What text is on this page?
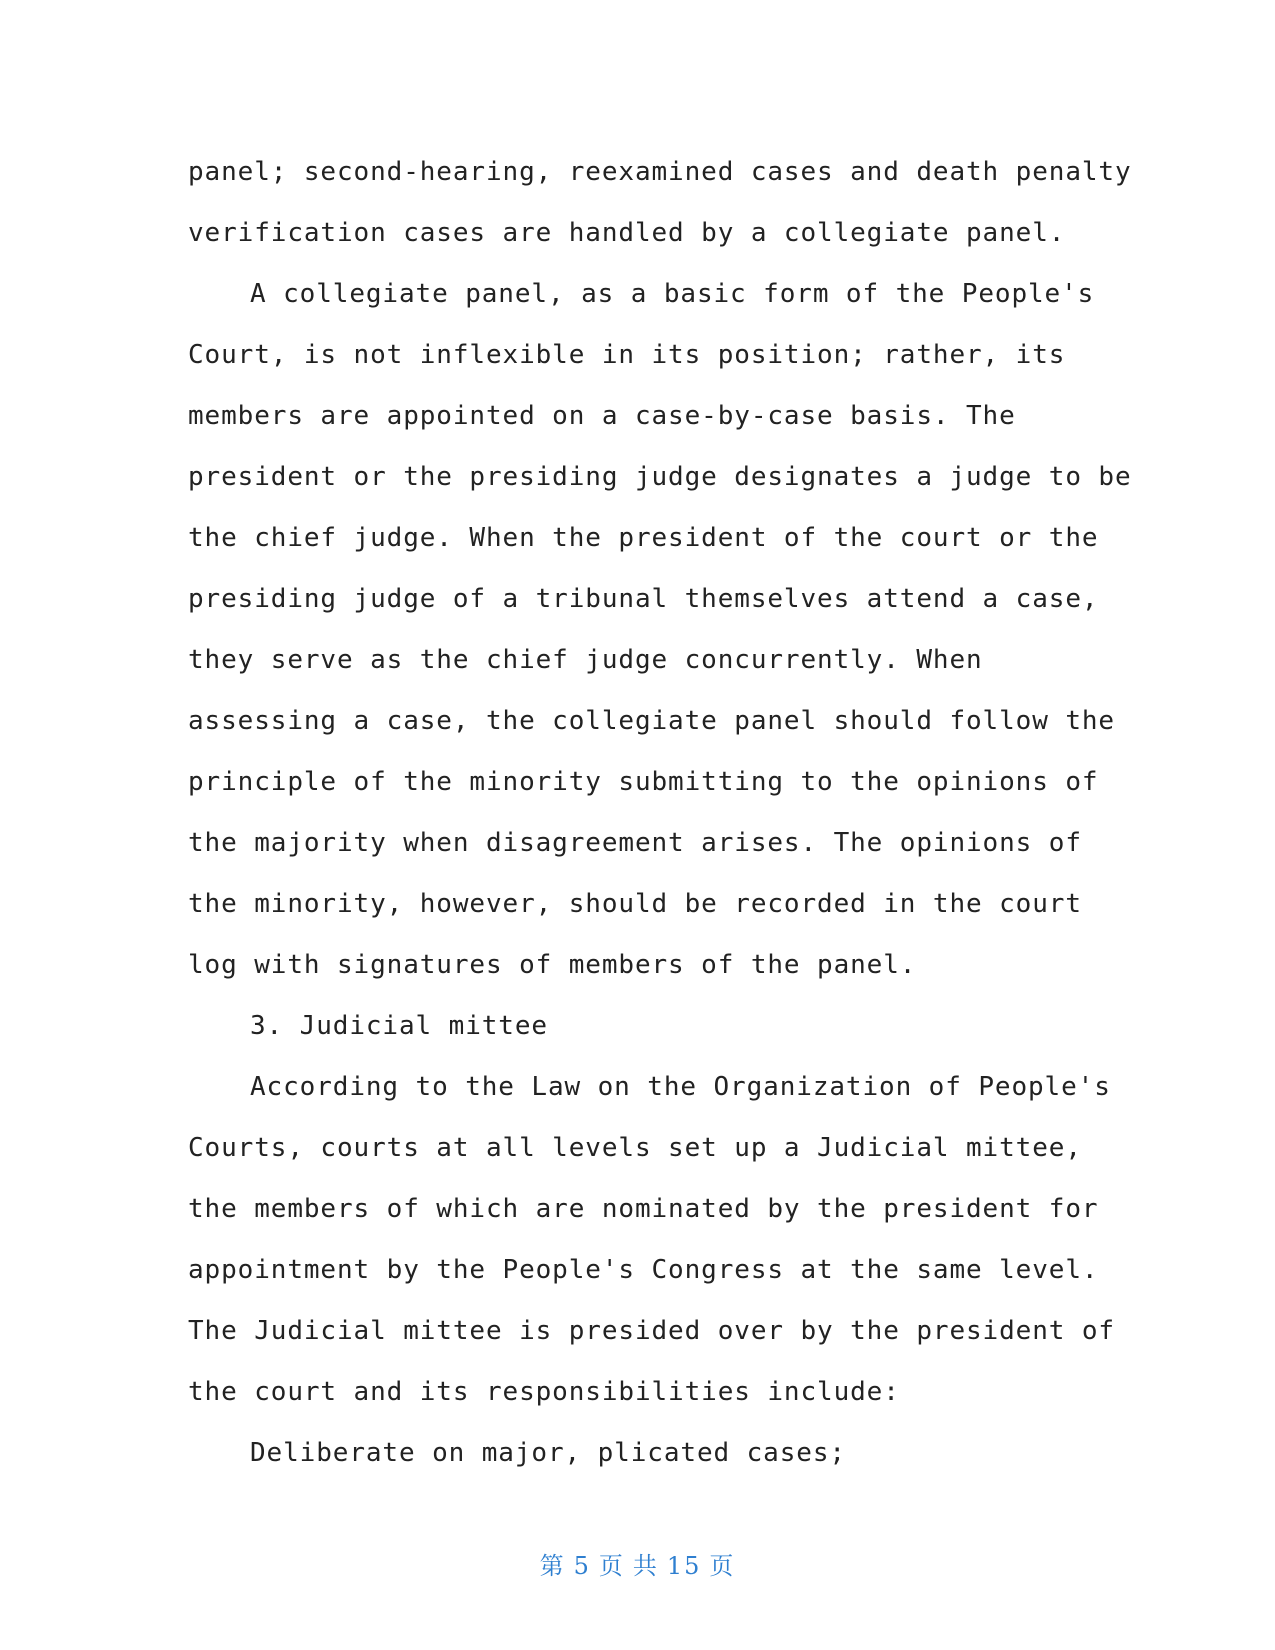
panel; second-hearing, reexamined cases and death penalty

verification cases are handled by a collegiate panel.

A collegiate panel, as a basic form of the People's

Court, is not inflexible in its position; rather, its

members are appointed on a case-by-case basis. The

president or the presiding judge designates a judge to be

the chief judge. When the president of the court or the

presiding judge of a tribunal themselves attend a case,

they serve as the chief judge concurrently. When

assessing a case, the collegiate panel should follow the

principle of the minority submitting to the opinions of

the majority when disagreement arises. The opinions of

the minority, however, should be recorded in the court

log with signatures of members of the panel.

3. Judicial mittee

According to the Law on the Organization of People's

Courts, courts at all levels set up a Judicial mittee,

the members of which are nominated by the president for

appointment by the People's Congress at the same level.

The Judicial mittee is presided over by the president of

the court and its responsibilities include:

Deliberate on major, plicated cases;

第 5 页 共 15 页
